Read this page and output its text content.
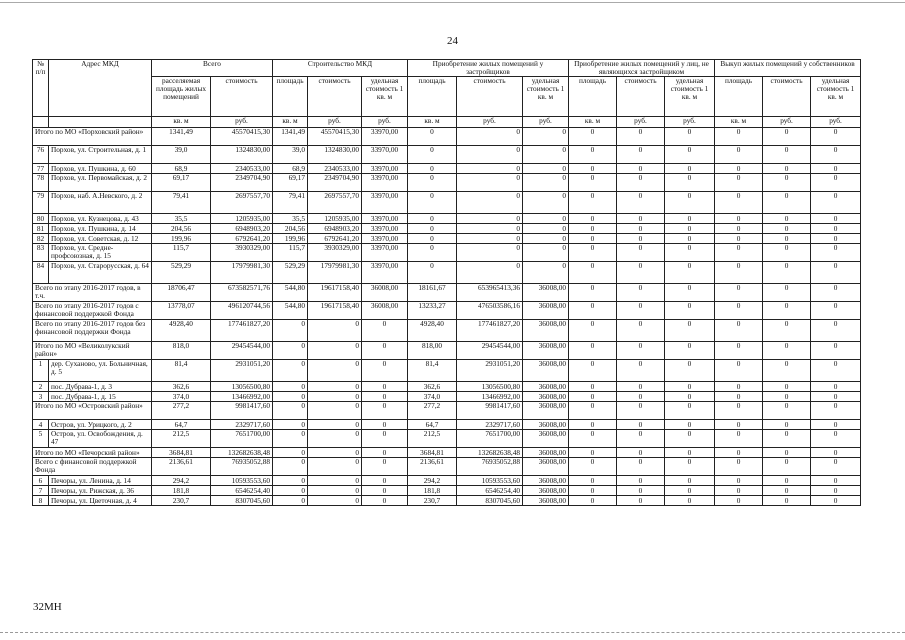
24
№ п/п	Адрес МКД	Всего		Строительство МКД			Приобретение жилых помещений у застройщиков			Приобретение жилых помещений у лиц, не являющихся застройщиком			Выкуп жилых помещений у собственников		
		расселяемая площадь жилых помещений	стоимость	площадь	стоимость	удельная стоимость 1 кв. м	площадь	стоимость	удельная стоимость 1 кв. м	площадь	стоимость	удельная стоимость 1 кв. м	площадь	стоимость	удельная стоимость 1 кв. м
		кв. м	руб.	кв. м	руб.	руб.	кв. м	руб.	руб.	кв. м	руб.	руб.	кв. м	руб.	руб.
Итого по МО «Порховский район»		1341,49	45570415,30	1341,49	45570415,30	33970,00	0	0	0	0	0	0	0	0	0
76	Порхов, ул. Строительная, д. 1	39,0	1324830,00	39,0	1324830,00	33970,00	0	0	0	0	0	0	0	0	0
77	Порхов, ул. Пушкина, д. 60	68,9	2340533,00	68,9	2340533,00	33970,00	0	0	0	0	0	0	0	0	0
78	Порхов, ул. Первомайская, д. 2	69,17	2349704,90	69,17	2349704,90	33970,00	0	0	0	0	0	0	0	0	0
79	Порхов, наб. А.Невского, д. 2	79,41	2697557,70	79,41	2697557,70	33970,00	0	0	0	0	0	0	0	0	0
80	Порхов, ул. Кузнецова, д. 43	35,5	1205935,00	35,5	1205935,00	33970,00	0	0	0	0	0	0	0	0	0
81	Порхов, ул. Пушкина, д. 14	204,56	6948903,20	204,56	6948903,20	33970,00	0	0	0	0	0	0	0	0	0
82	Порхов, ул. Советская, д. 12	199,96	6792641,20	199,96	6792641,20	33970,00	0	0	0	0	0	0	0	0	0
83	Порхов, ул. Средне-профсоюзная, д. 15	115,7	3930329,00	115,7	3930329,00	33970,00	0	0	0	0	0	0	0	0	0
84	Порхов, ул. Старорусская, д. 64	529,29	17979981,30	529,29	17979981,30	33970,00	0	0	0	0	0	0	0	0	0
Всего по этапу 2016-2017 годов, в т.ч.		18706,47	673582571,76	544,80	19617158,40	36008,00	18161,67	653965413,36	36008,00	0	0	0	0	0	0
Всего по этапу 2016-2017 годов с финансовой поддержкой Фонда		13778,07	496120744,56	544,80	19617158,40	36008,00	13233,27	476503586,16	36008,00	0	0	0	0	0	0
Всего по этапу 2016-2017 годов без финансовой поддержки Фонда		4928,40	177461827,20	0	0	0	4928,40	177461827,20	36008,00	0	0	0	0	0	0
Итого по МО «Великолукский район»		818,0	29454544,00	0	0	0	818,00	29454544,00	36008,00	0	0	0	0	0	0
1	дер. Суханово, ул. Больничная, д. 5	81,4	2931051,20	0	0	0	81,4	2931051,20	36008,00	0	0	0	0	0	0
2	пос. Дубрава-1, д. 3	362,6	13056500,80	0	0	0	362,6	13056500,80	36008,00	0	0	0	0	0	0
3	пос. Дубрава-1, д. 15	374,0	13466992,00	0	0	0	374,0	13466992,00	36008,00	0	0	0	0	0	0
Итого по МО «Островский район»		277,2	9981417,60	0	0	0	277,2	9981417,60	36008,00	0	0	0	0	0	0
4	Остров, ул. Урицкого, д. 2	64,7	2329717,60	0	0	0	64,7	2329717,60	36008,00	0	0	0	0	0	0
5	Остров, ул. Освобождения, д. 47	212,5	7651700,00	0	0	0	212,5	7651700,00	36008,00	0	0	0	0	0	0
Итого по МО «Печорский район»		3684,81	132682638,48	0	0	0	3684,81	132682638,48	36008,00	0	0	0	0	0	0
Всего с финансовой поддержкой Фонда		2136,61	76935052,88	0	0	0	2136,61	76935052,88	36008,00	0	0	0	0	0	0
6	Печоры, ул. Ленина, д. 14	294,2	10593553,60	0	0	0	294,2	10593553,60	36008,00	0	0	0	0	0	0
7	Печоры, ул. Рижская, д. 36	181,8	6546254,40	0	0	0	181,8	6546254,40	36008,00	0	0	0	0	0	0
8	Печоры, ул. Цветочная, д. 4	230,7	8307045,60	0	0	0	230,7	8307045,60	36008,00	0	0	0	0	0	0
32МН
